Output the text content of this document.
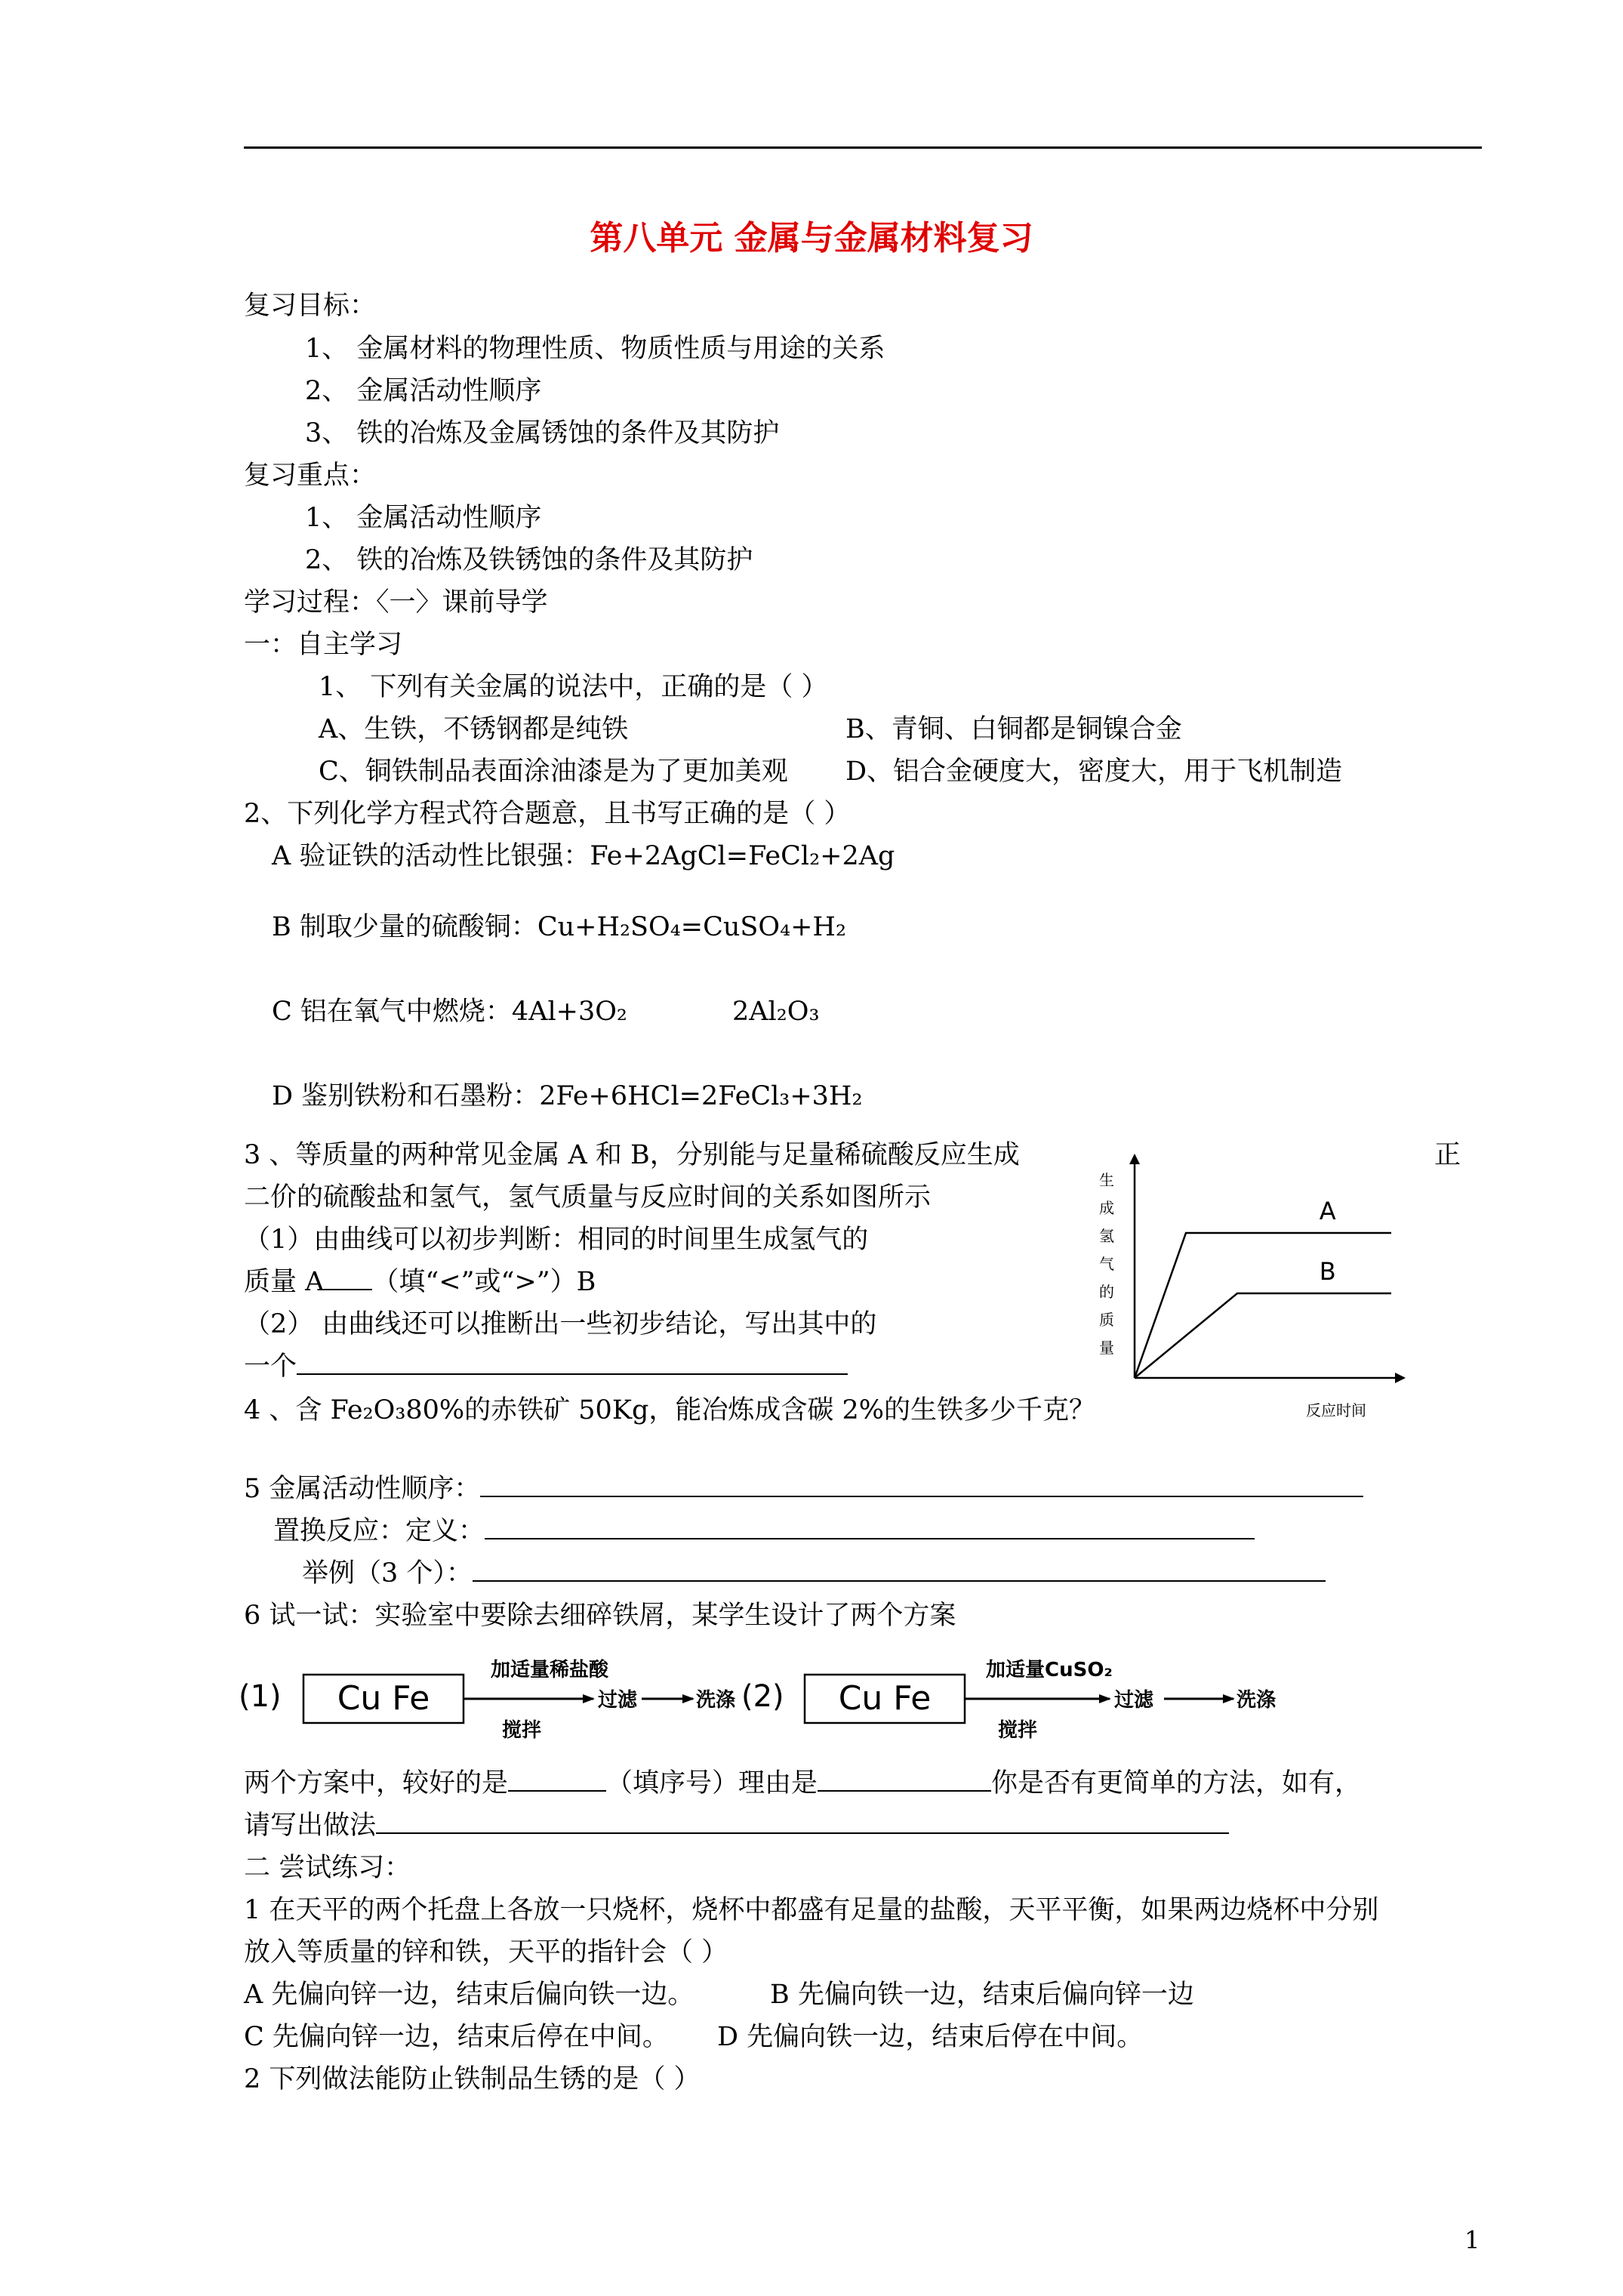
第八单元 金属与金属材料复习
复习目标：
1、 金属材料的物理性质、物质性质与用途的关系
2、 金属活动性顺序
3、 铁的冶炼及金属锈蚀的条件及其防护
复习重点：
1、 金属活动性顺序
2、 铁的冶炼及铁锈蚀的条件及其防护
学习过程：〈一〉课前导学
一：自主学习
1、 下列有关金属的说法中，正确的是（ ）
A、生铁，不锈钢都是纯铁	B、青铜、白铜都是铜镍合金
C、铜铁制品表面涂油漆是为了更加美观 D、铝合金硬度大，密度大，用于飞机制造
2、下列化学方程式符合题意，且书写正确的是（ ）
A 验证铁的活动性比银强：Fe+2AgCl=FeCl₂+2Ag
B 制取少量的硫酸铜：Cu+H₂SO₄=CuSO₄+H₂
C 铝在氧气中燃烧：4Al+3O₂	2Al₂O₃
D 鉴别铁粉和石墨粉：2Fe+6HCl=2FeCl₃+3H₂
3 、等质量的两种常见金属 A 和 B，分别能与足量稀硫酸反应生成	正
二价的硫酸盐和氢气，氢气质量与反应时间的关系如图所示
（1）由曲线可以初步判断：相同的时间里生成氢气的
质量 A （填“<”或“>”）B
（2） 由曲线还可以推断出一些初步结论，写出其中的
一个
生
成
氢
气
的
质
量
反应时间
A
B
4 、含 Fe₂O₃80%的赤铁矿 50Kg，能冶炼成含碳 2%的生铁多少千克？
5 金属活动性顺序：
置换反应：定义：
举例（3 个）：
6 试一试：实验室中要除去细碎铁屑，某学生设计了两个方案
(1) Cu Fe
加适量稀盐酸
搅拌
过滤	洗涤 (2) Cu Fe
加适量CuSO₂
搅拌
过滤	洗涤
两个方案中，较好的是	（填序号）理由是	你是否有更简单的方法，如有，
请写出做法
二 尝试练习：
1 在天平的两个托盘上各放一只烧杯，烧杯中都盛有足量的盐酸，天平平衡，如果两边烧杯中分别
放入等质量的锌和铁，天平的指针会（ ）
A 先偏向锌一边，结束后偏向铁一边。	B 先偏向铁一边，结束后偏向锌一边
C 先偏向锌一边，结束后停在中间。 D 先偏向铁一边，结束后停在中间。
2 下列做法能防止铁制品生锈的是（ ）
1
